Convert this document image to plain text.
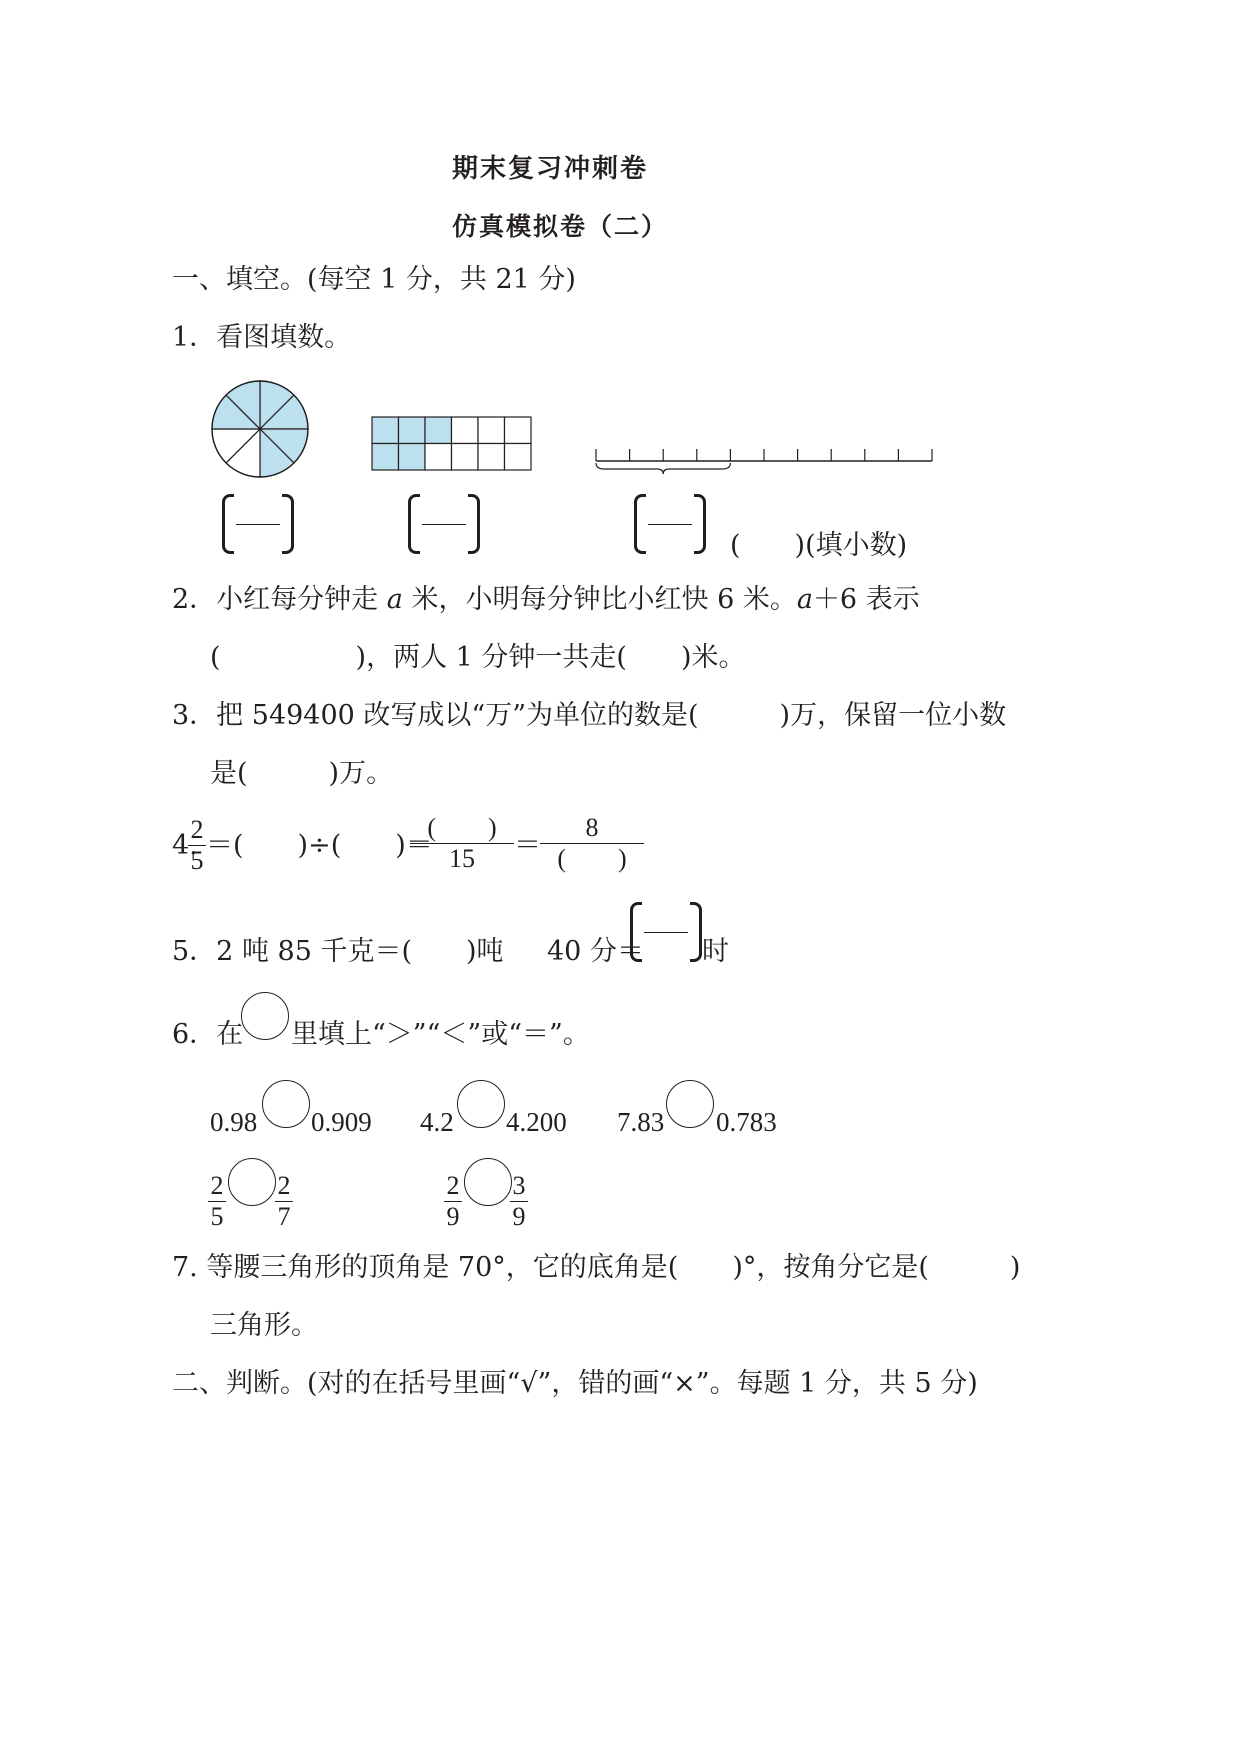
期末复习冲刺卷
仿真模拟卷（二）
一、填空。(每空 1 分，共 21 分)
1．看图填数。
(　　)(填小数)
2．小红每分钟走 a 米，小明每分钟比小红快 6 米。a＋6 表示
(　　　　　)，两人 1 分钟一共走(　　)米。
3．把 549400 改写成以“万”为单位的数是(　　　)万，保留一位小数
是(　　　)万。
4.
2
5 ＝(　　)÷(　　)＝
(　　)
15	＝
8
(　　)
5．2 吨 85 千克＝(　　)吨 40 分＝ 时
6．在 里填上“＞”“＜”或“＝”。
0.98 0.909 4.2 4.200 7.83 0.783
2
5
2
7
2
9
3
9
7. 等腰三角形的顶角是 70°，它的底角是(　　)°，按角分它是(　　　)
三角形。
二、判断。(对的在括号里画“√”，错的画“×”。每题 1 分，共 5 分)
